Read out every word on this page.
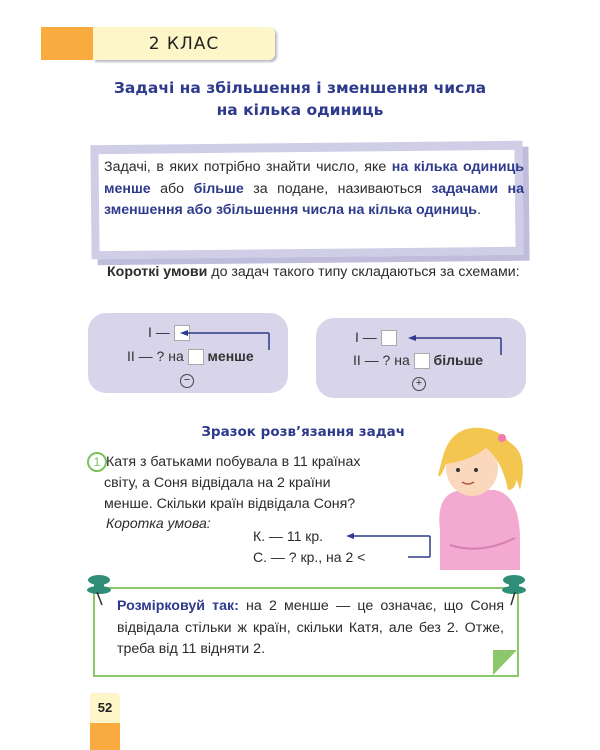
2 КЛАС
Задачі на збільшення і зменшення числа
на кілька одиниць
Задачі, в яких потрібно знайти число, яке на кілька одиниць менше або більше за подане, називаються задачами на зменшення або збільшення числа на кілька одиниць.
Короткі умови до задач такого типу складаються за схемами:
I —
II — ? на менше
−
I —
II — ? на більше
+
Зразок розв’язання задач
1 Катя з батьками побувала в 11 країнах
світу, а Соня відвідала на 2 країни
менше. Скільки країн відвідала Соня?
Коротка умова:
К. — 11 кр.
С. — ? кр., на 2 <
Розмірковуй так: на 2 менше — це означає, що Соня відвідала стільки ж країн, скільки Катя, але без 2. Отже, треба від 11 відняти 2.
52
